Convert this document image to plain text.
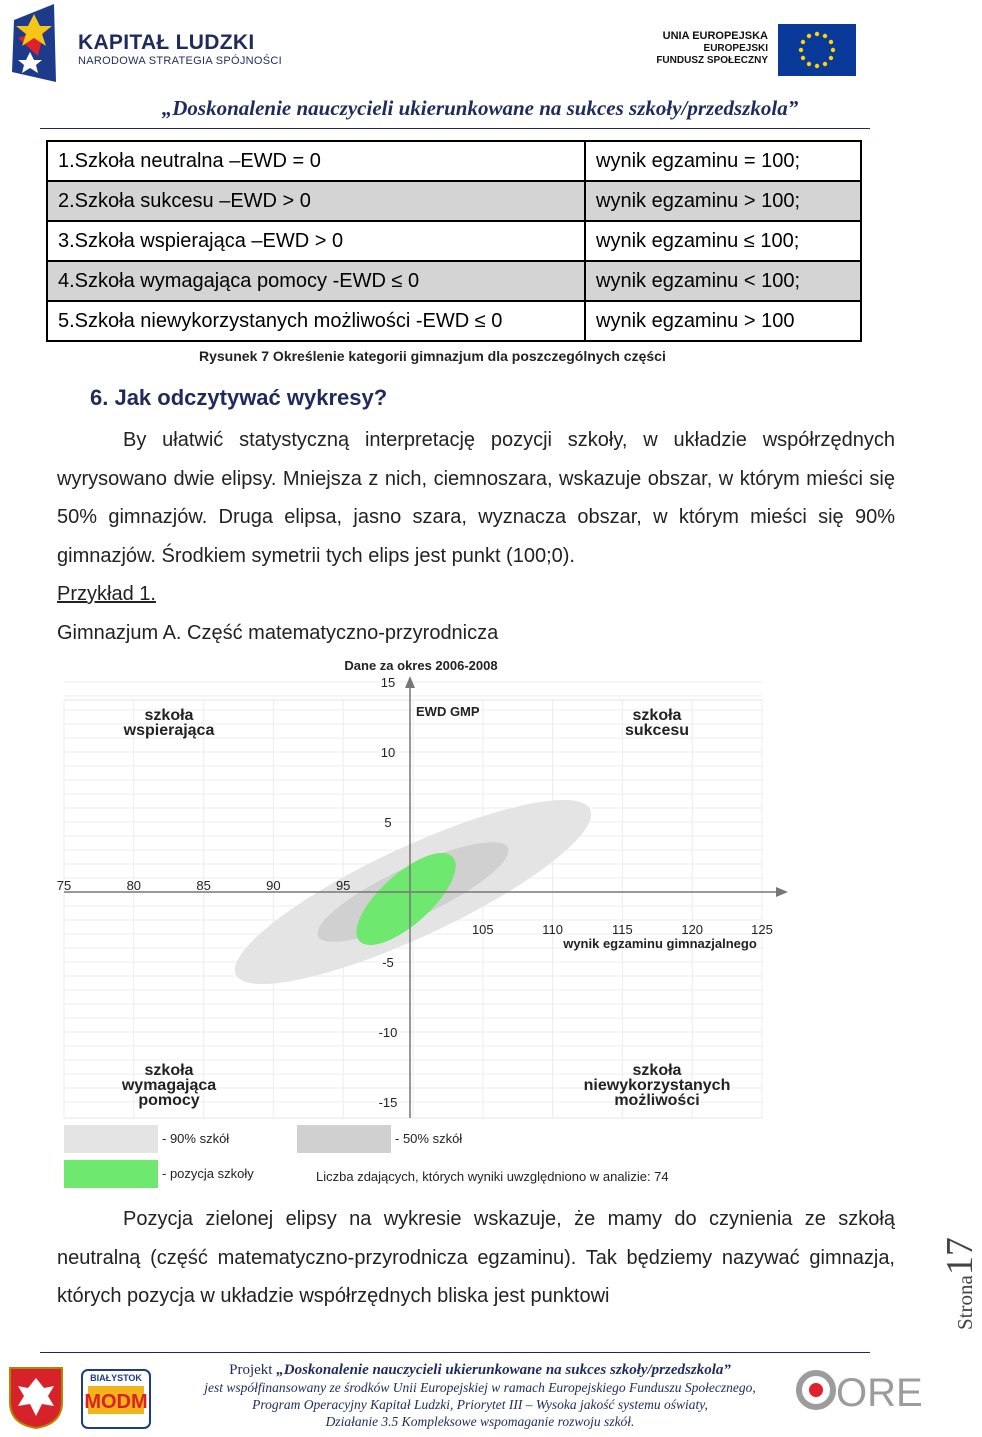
KAPITAŁ LUDZKI
NARODOWA STRATEGIA SPÓJNOŚCI
UNIA EUROPEJSKA
EUROPEJSKI
FUNDUSZ SPOŁECZNY
„Doskonalenie nauczycieli ukierunkowane na sukces szkoły/przedszkola”
1.Szkoła neutralna –EWD = 0	wynik egzaminu = 100;
2.Szkoła sukcesu –EWD > 0	wynik egzaminu > 100;
3.Szkoła wspierająca –EWD > 0	wynik egzaminu ≤ 100;
4.Szkoła wymagająca pomocy -EWD ≤ 0	wynik egzaminu < 100;
5.Szkoła niewykorzystanych możliwości -EWD ≤ 0	wynik egzaminu > 100
Rysunek 7 Określenie kategorii gimnazjum dla poszczególnych części
6. Jak odczytywać wykresy?

By ułatwić statystyczną interpretację pozycji szkoły, w układzie współrzędnych wyrysowano dwie elipsy. Mniejsza z nich, ciemnoszara, wskazuje obszar, w którym mieści się 50% gimnazjów. Druga elipsa, jasno szara, wyznacza obszar, w którym mieści się 90% gimnazjów. Środkiem symetrii tych elips jest punkt (100;0).

Przykład 1.

Gimnazjum A. Część matematyczno-przyrodnicza

Dane za okres 2006-2008
75	80	85	90	95
105	110	115	120	125
15
10
5
-5
-10
-15
wynik egzaminu gimnazjalnego
EWD GMP
szkoła
wspierająca
szkoła
sukcesu
szkoła
wymagająca
pomocy
szkoła
niewykorzystanych
możliwości
- 90% szkół	- 50% szkół
- pozycja szkoły	Liczba zdających, których wyniki uwzględniono w analizie: 74

Pozycja zielonej elipsy na wykresie wskazuje, że mamy do czynienia ze szkołą neutralną (część matematyczno-przyrodnicza egzaminu). Tak będziemy nazywać gimnazja, których pozycja w układzie współrzędnych bliska jest punktowi	Strona17
BIAŁYSTOK
MODM
Projekt „Doskonalenie nauczycieli ukierunkowane na sukces szkoły/przedszkola”
jest współfinansowany ze środków Unii Europejskiej w ramach Europejskiego Funduszu Społecznego,
Program Operacyjny Kapitał Ludzki, Priorytet III – Wysoka jakość systemu oświaty,
Działanie 3.5 Kompleksowe wspomaganie rozwoju szkół.
ORE
